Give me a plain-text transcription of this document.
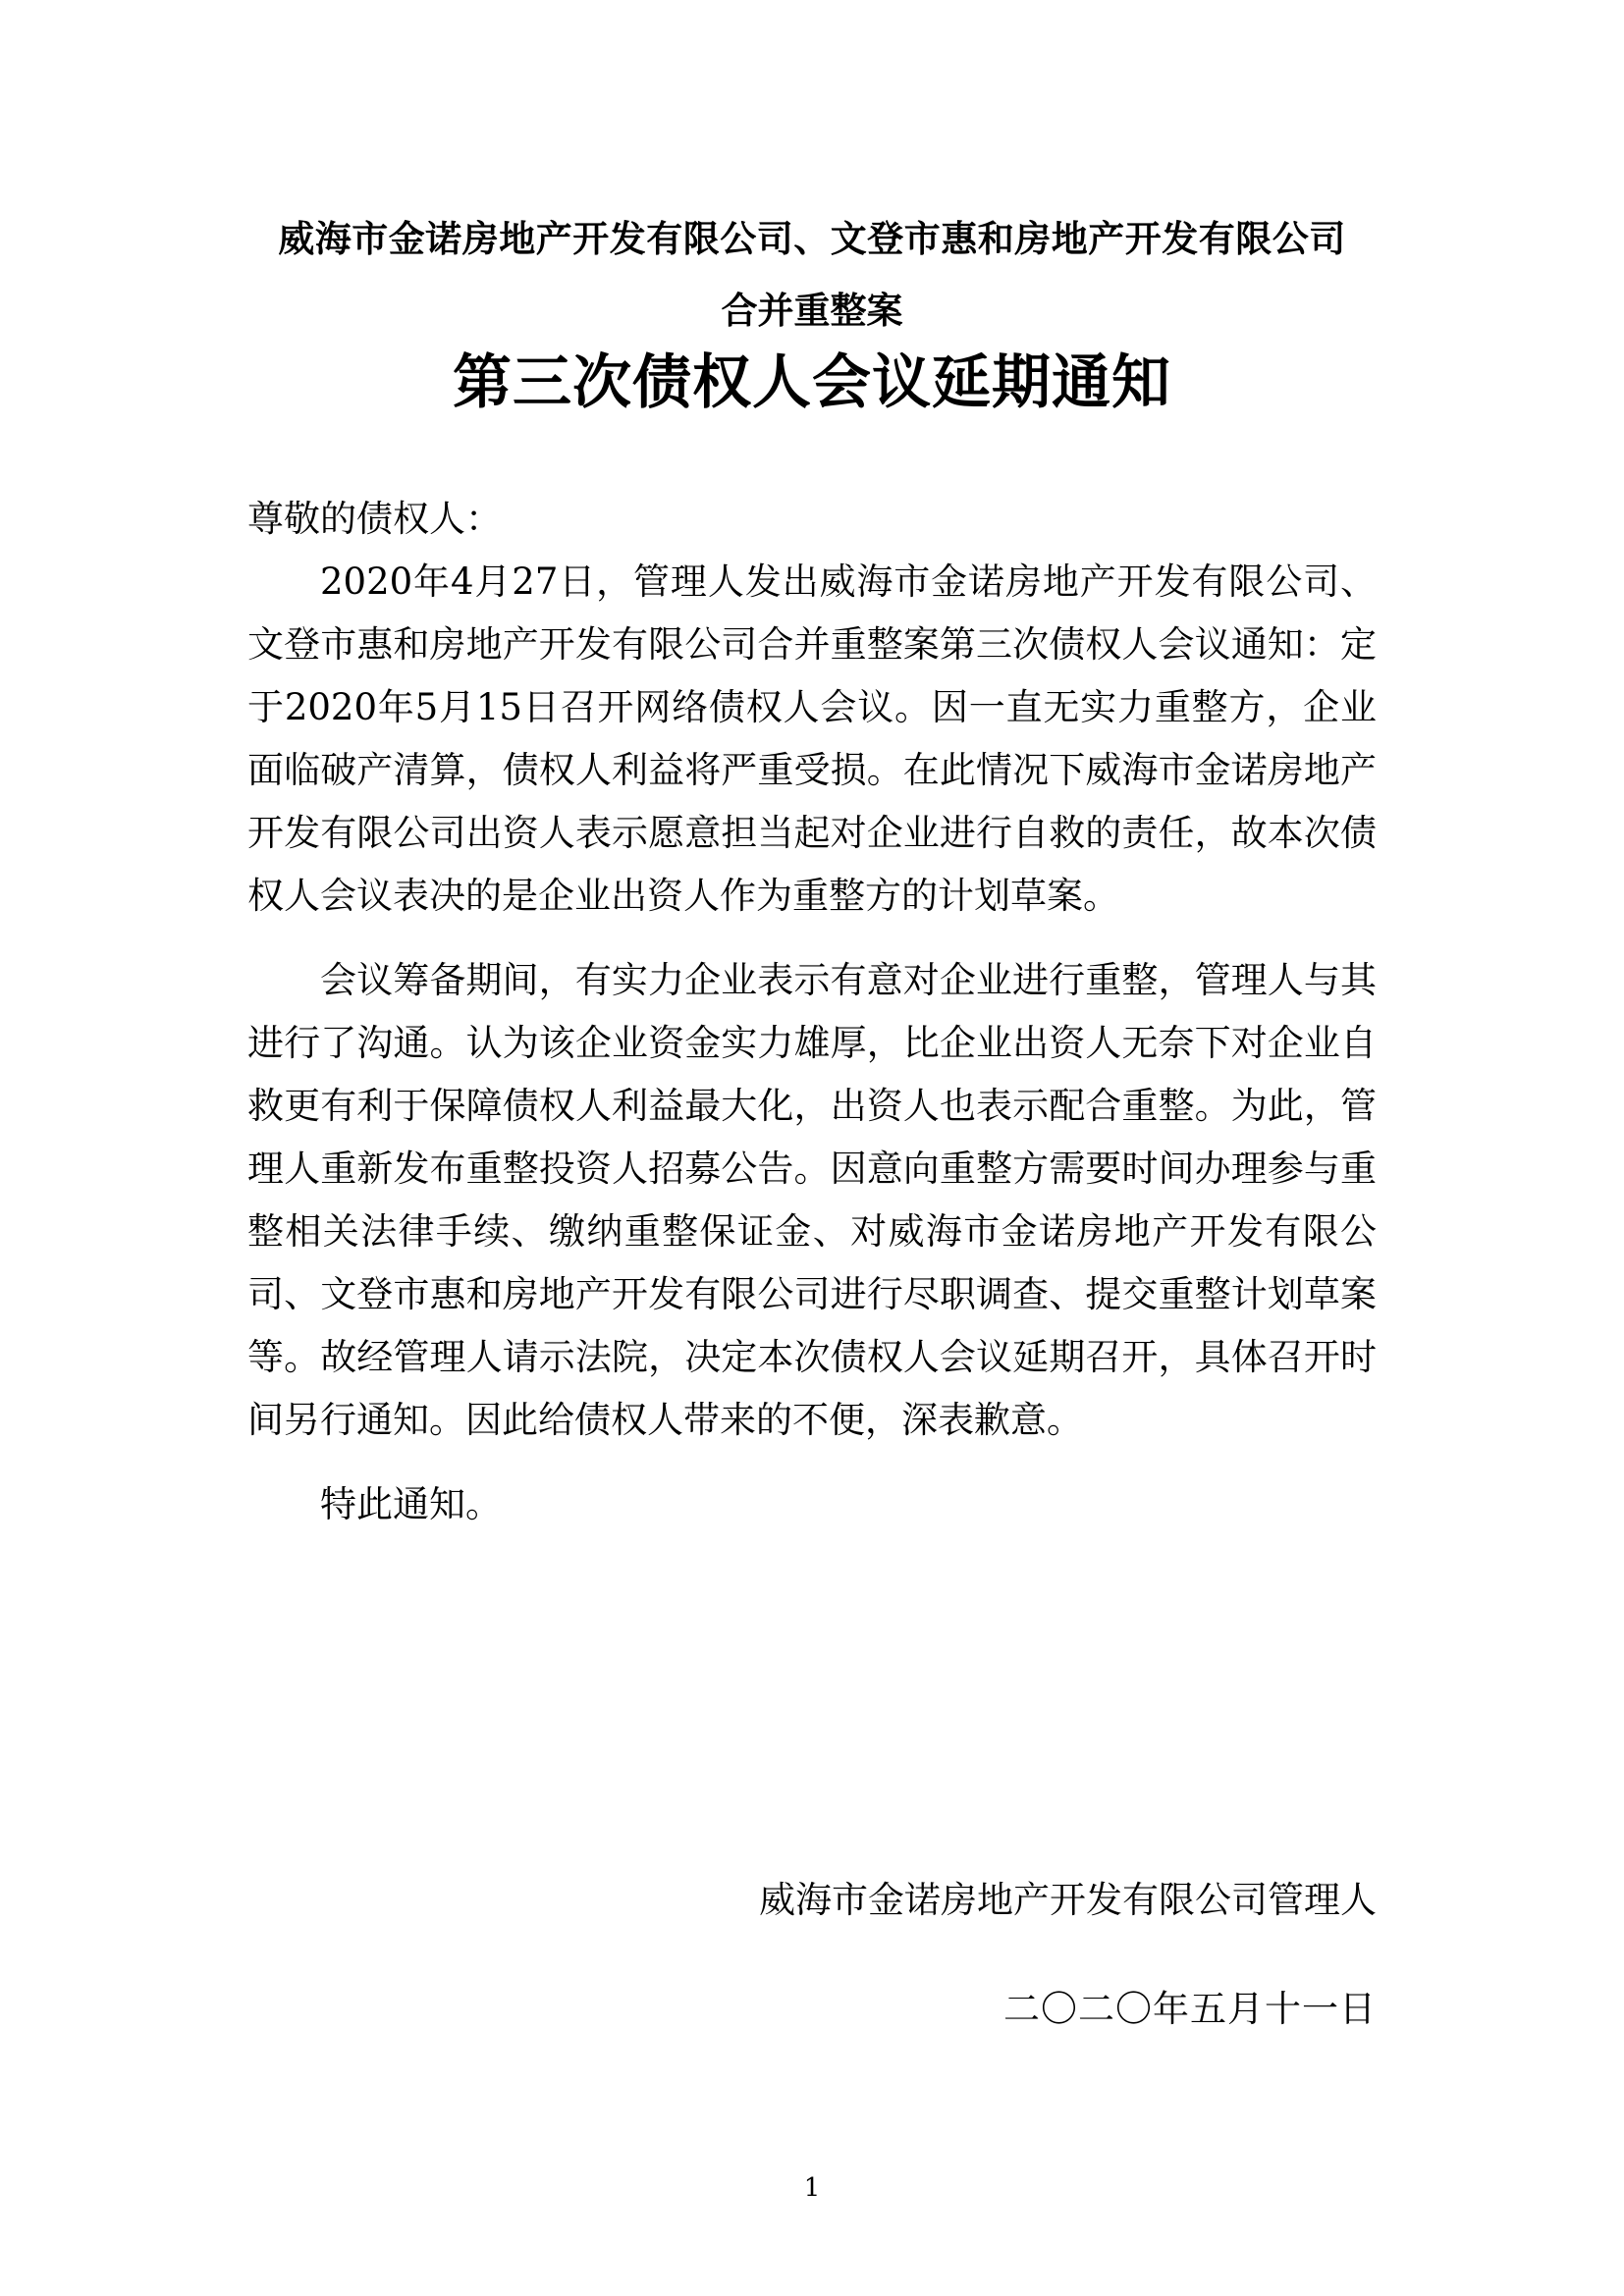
威海市金诺房地产开发有限公司、文登市惠和房地产开发有限公司
合并重整案
第三次债权人会议延期通知

尊敬的债权人：

2020年4月27日，管理人发出威海市金诺房地产开发有限公司、文登市惠和房地产开发有限公司合并重整案第三次债权人会议通知：定于2020年5月15日召开网络债权人会议。因一直无实力重整方，企业面临破产清算，债权人利益将严重受损。在此情况下威海市金诺房地产开发有限公司出资人表示愿意担当起对企业进行自救的责任，故本次债权人会议表决的是企业出资人作为重整方的计划草案。

会议筹备期间，有实力企业表示有意对企业进行重整，管理人与其进行了沟通。认为该企业资金实力雄厚，比企业出资人无奈下对企业自救更有利于保障债权人利益最大化，出资人也表示配合重整。为此，管理人重新发布重整投资人招募公告。因意向重整方需要时间办理参与重整相关法律手续、缴纳重整保证金、对威海市金诺房地产开发有限公司、文登市惠和房地产开发有限公司进行尽职调查、提交重整计划草案等。故经管理人请示法院，决定本次债权人会议延期召开，具体召开时间另行通知。因此给债权人带来的不便，深表歉意。

特此通知。

威海市金诺房地产开发有限公司管理人
二〇二〇年五月十一日
1
